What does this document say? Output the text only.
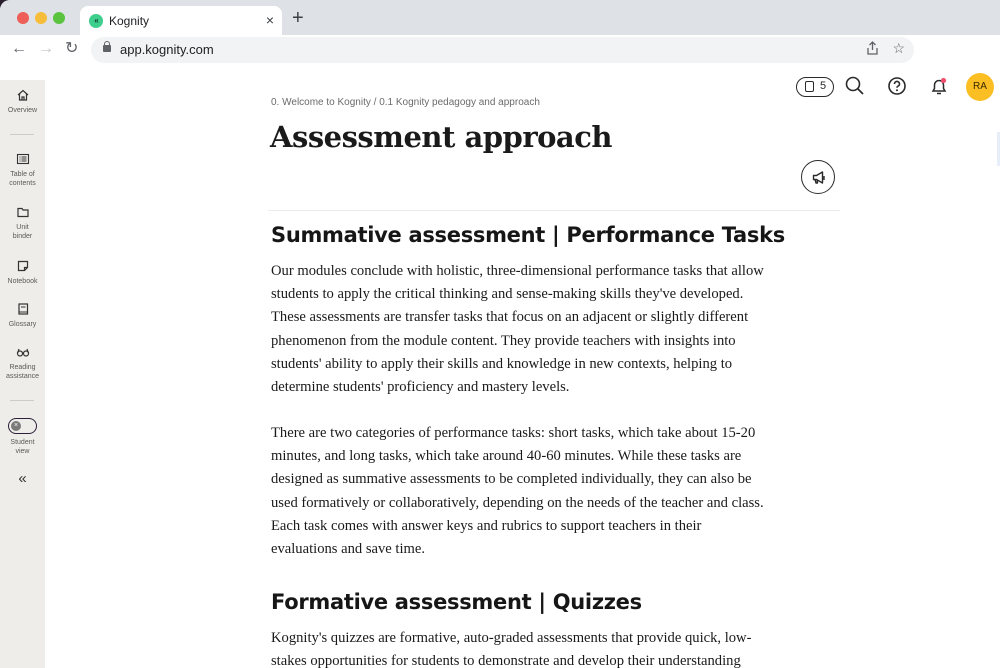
« Kognity	× +
← → ↻	app.kognity.com	☆
Overview
Table of
contents
Unit
binder
Notebook
Glossary
Reading
assistance
×
Student
view
«
5	RA
0. Welcome to Kognity / 0.1 Kognity pedagogy and approach
Assessment approach
Summative assessment | Performance Tasks

Our modules conclude with holistic, three-dimensional performance tasks that allow students to apply the critical thinking and sense-making skills they've developed. These assessments are transfer tasks that focus on an adjacent or slightly different phenomenon from the module content. They provide teachers with insights into students' ability to apply their skills and knowledge in new contexts, helping to determine students' proficiency and mastery levels.

There are two categories of performance tasks: short tasks, which take about 15-20 minutes, and long tasks, which take around 40-60 minutes. While these tasks are designed as summative assessments to be completed individually, they can also be used formatively or collaboratively, depending on the needs of the teacher and class. Each task comes with answer keys and rubrics to support teachers in their evaluations and save time.

Formative assessment | Quizzes

Kognity's quizzes are formative, auto-graded assessments that provide quick, low-stakes opportunities for students to demonstrate and develop their understanding
